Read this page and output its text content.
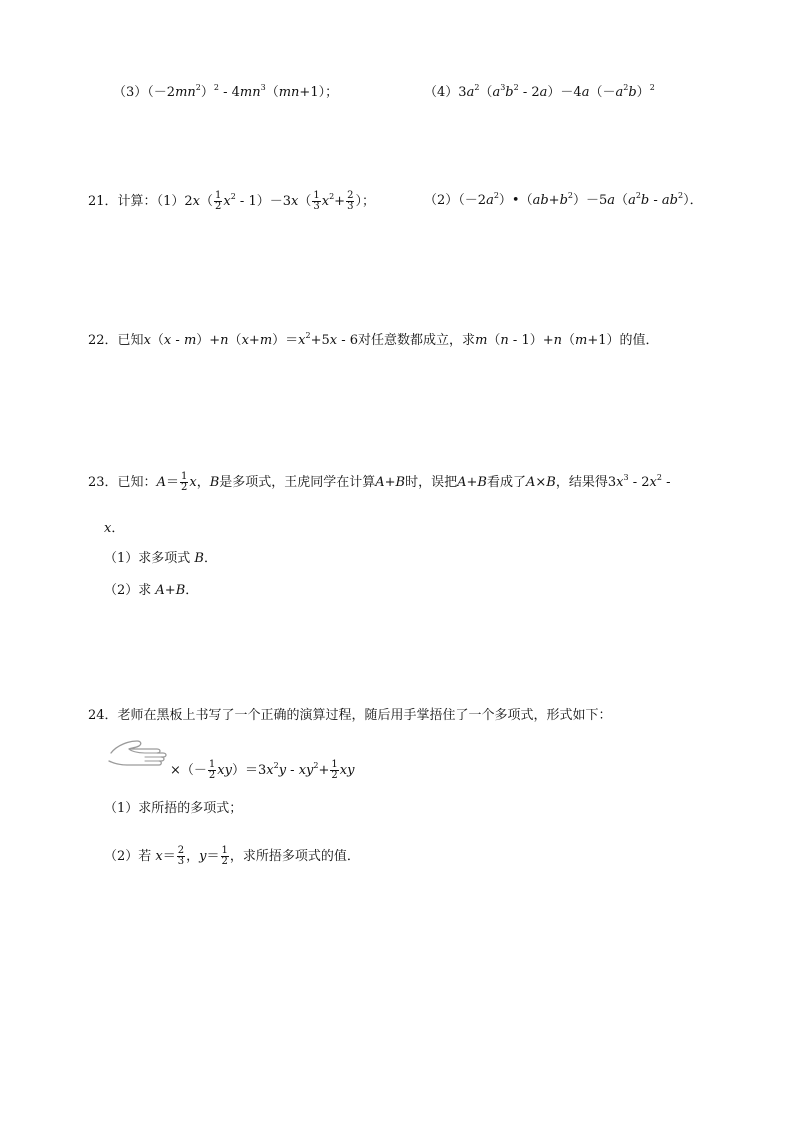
$(3)(-2mn^2)^2 - 4mn^3(mn+1)$；	$(4)3a^2(a^3b^2 - 2a)-4a(-a^2b)^2$
21．计算：$(1)2x( \frac{1}{2} x^2 - 1)-3x( \frac{1}{3} x^2+ \frac{2}{3}$ ）；	$(2)(-2a^2)•(ab+b^2)-5a(a^2b - ab^2)$．
22．已知$x(x - m)+n(x+m)=x^2+5x - 6$对任意数都成立，求m（n - 1）+n（m+1）的值．
23．已知：$A= \frac{1}{2}$ x，B是多项式，王虎同学在计算A+B时，误把A+B看成了A×B，结果得$3x^3 - 2x^2$ -
x．
（1）求多项式 B．
（2）求 A+B．
24．老师在黑板上书写了一个正确的演算过程，随后用手掌捂住了一个多项式，形式如下：
×（－ $\frac{1}{2} xy)=3x^2y - xy^2+ \frac{1}{2}$ xy
（1）求所捂的多项式；
（2）若 $x= \frac{2}{3}$ ，$y= \frac{1}{2}$ ，求所捂多项式的值．
